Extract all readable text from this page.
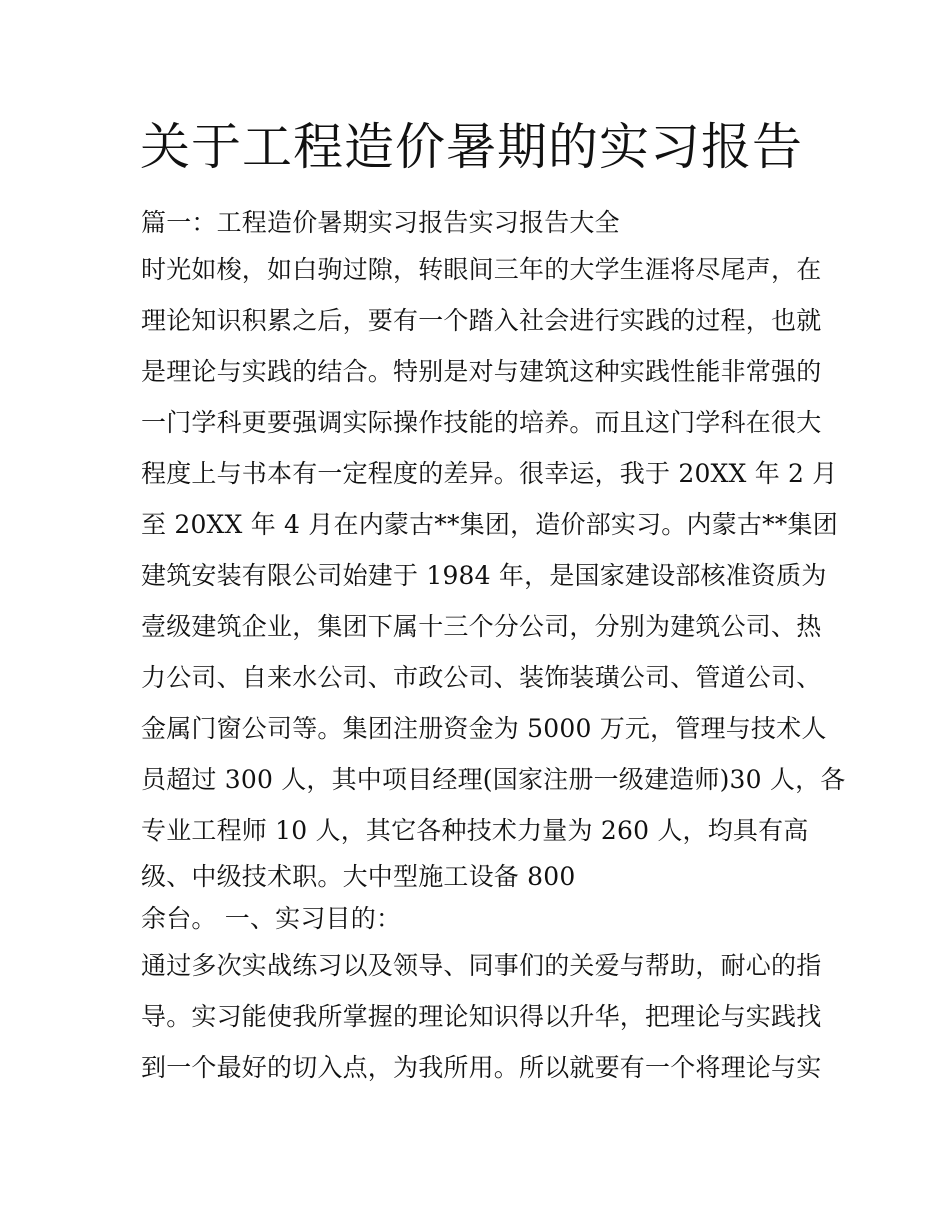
关于工程造价暑期的实习报告
篇一：工程造价暑期实习报告实习报告大全
时光如梭，如白驹过隙，转眼间三年的大学生涯将尽尾声，在
理论知识积累之后，要有一个踏入社会进行实践的过程，也就
是理论与实践的结合。特别是对与建筑这种实践性能非常强的
一门学科更要强调实际操作技能的培养。而且这门学科在很大
程度上与书本有一定程度的差异。很幸运，我于 20XX 年 2 月
至 20XX 年 4 月在内蒙古**集团，造价部实习。内蒙古**集团
建筑安装有限公司始建于 1984 年，是国家建设部核准资质为
壹级建筑企业，集团下属十三个分公司，分别为建筑公司、热
力公司、自来水公司、市政公司、装饰装璜公司、管道公司、
金属门窗公司等。集团注册资金为 5000 万元，管理与技术人
员超过 300 人，其中项目经理(国家注册一级建造师)30 人，各
专业工程师 10 人，其它各种技术力量为 260 人，均具有高
级、中级技术职。大中型施工设备 800
余台。 一、实习目的：
通过多次实战练习以及领导、同事们的关爱与帮助，耐心的指
导。实习能使我所掌握的理论知识得以升华，把理论与实践找
到一个最好的切入点，为我所用。所以就要有一个将理论与实
